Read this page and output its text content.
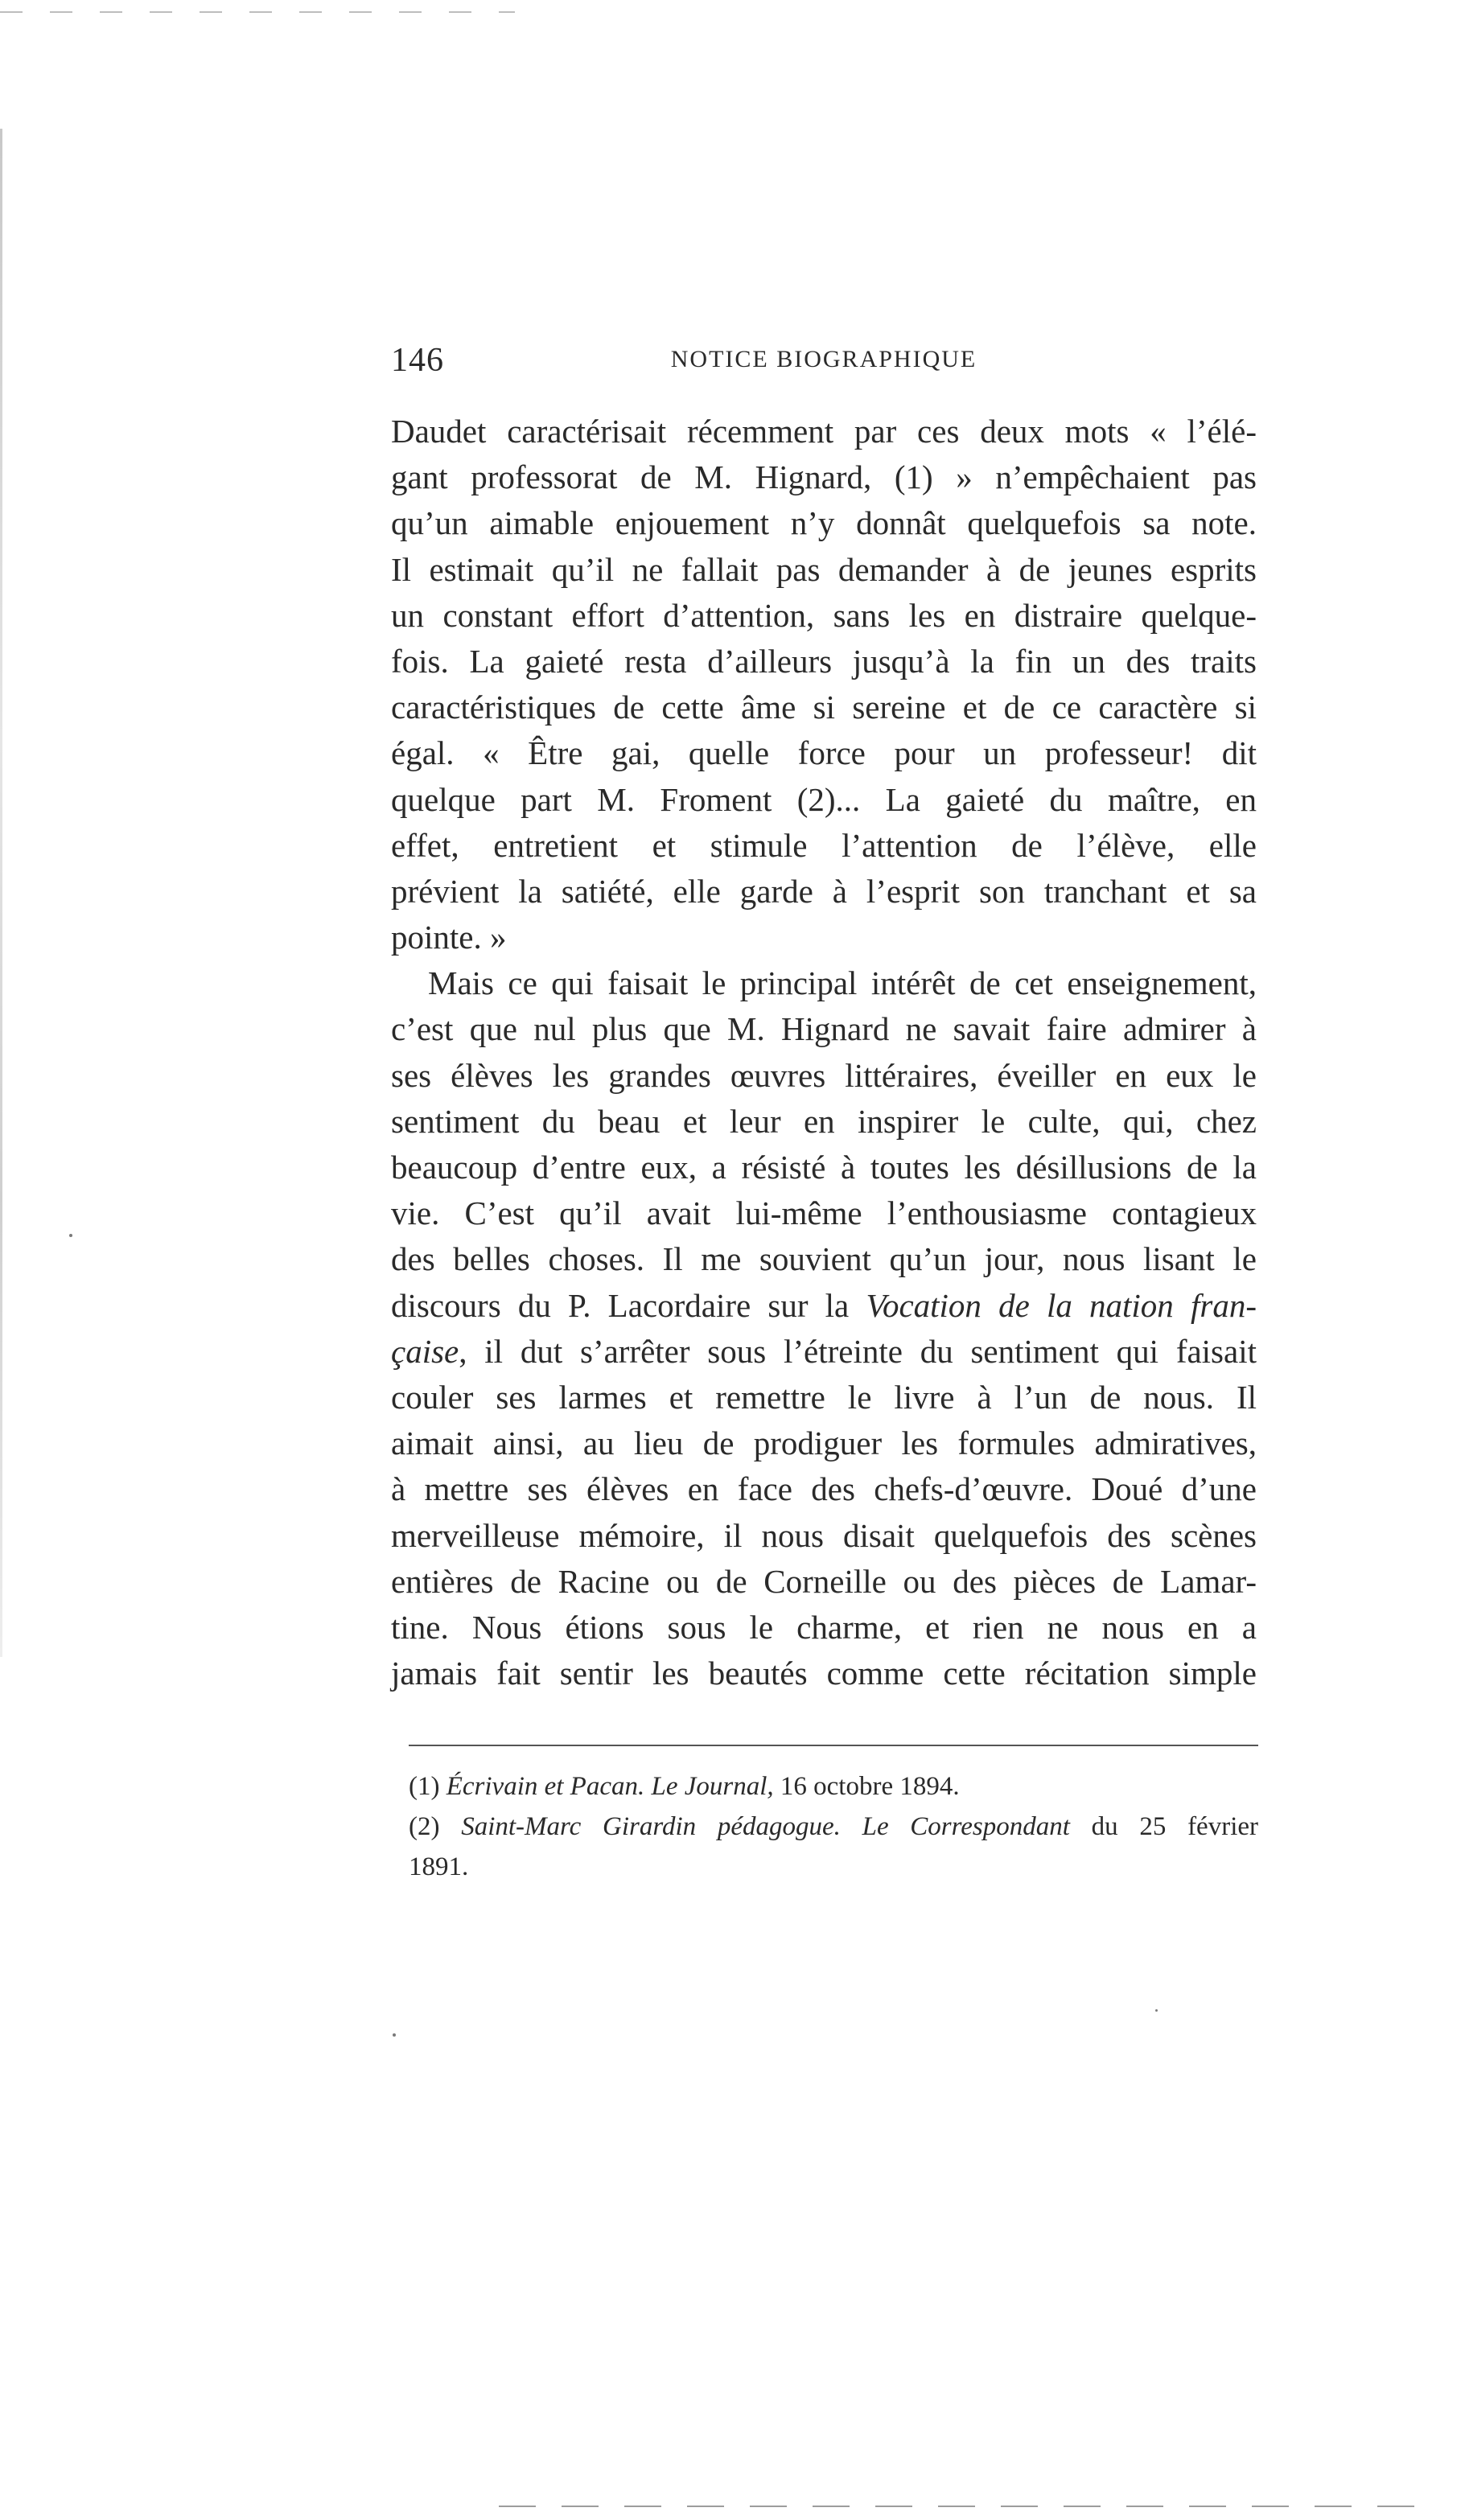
146	NOTICE BIOGRAPHIQUE
Daudet caractérisait récemment par ces deux mots « l’élé-
gant professorat de M. Hignard, (1) » n’empêchaient pas
qu’un aimable enjouement n’y donnât quelquefois sa note.
Il estimait qu’il ne fallait pas demander à de jeunes esprits
un constant effort d’attention, sans les en distraire quelque-
fois. La gaieté resta d’ailleurs jusqu’à la fin un des traits
caractéristiques de cette âme si sereine et de ce caractère si
égal. « Être gai, quelle force pour un professeur! dit
quelque part M. Froment (2)... La gaieté du maître, en
effet, entretient et stimule l’attention de l’élève, elle
prévient la satiété, elle garde à l’esprit son tranchant et sa
pointe. »
Mais ce qui faisait le principal intérêt de cet enseignement,
c’est que nul plus que M. Hignard ne savait faire admirer à
ses élèves les grandes œuvres littéraires, éveiller en eux le
sentiment du beau et leur en inspirer le culte, qui, chez
beaucoup d’entre eux, a résisté à toutes les désillusions de la
vie. C’est qu’il avait lui-même l’enthousiasme contagieux
des belles choses. Il me souvient qu’un jour, nous lisant le
discours du P. Lacordaire sur la Vocation de la nation fran-
çaise, il dut s’arrêter sous l’étreinte du sentiment qui faisait
couler ses larmes et remettre le livre à l’un de nous. Il
aimait ainsi, au lieu de prodiguer les formules admiratives,
à mettre ses élèves en face des chefs-d’œuvre. Doué d’une
merveilleuse mémoire, il nous disait quelquefois des scènes
entières de Racine ou de Corneille ou des pièces de Lamar-
tine. Nous étions sous le charme, et rien ne nous en a
jamais fait sentir les beautés comme cette récitation simple
(1) Écrivain et Pacan. Le Journal, 16 octobre 1894.
(2) Saint-Marc Girardin pédagogue. Le Correspondant du 25 février
1891.
